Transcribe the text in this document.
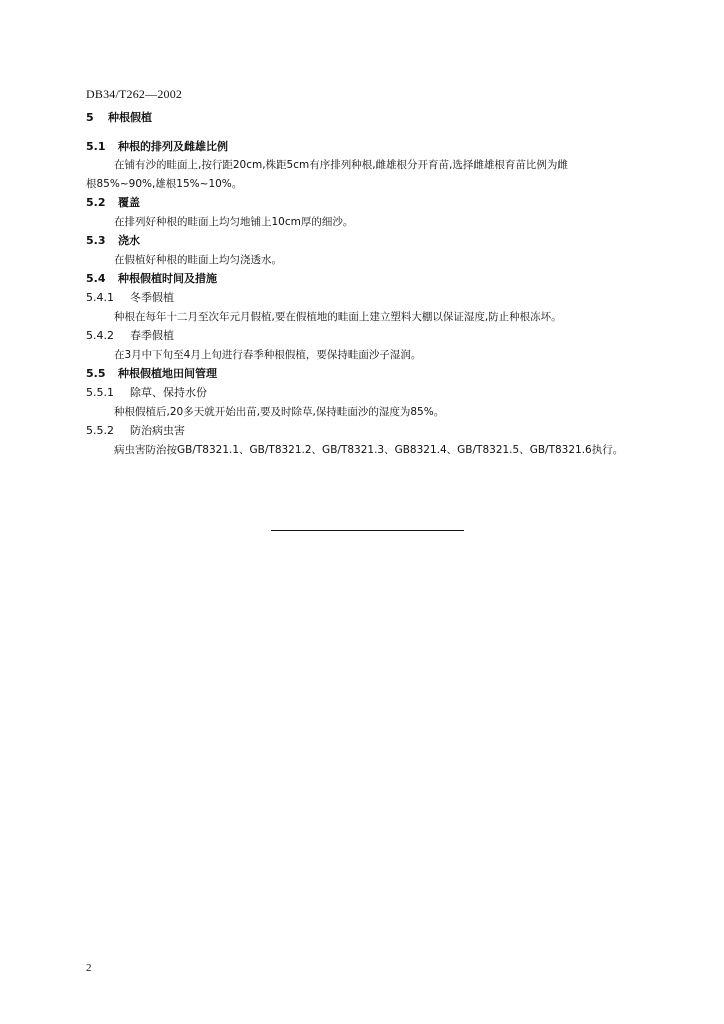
DB34/T262—2002
5 种根假植
5.1 种根的排列及雌雄比例
在铺有沙的畦面上,按行距20cm,株距5cm有序排列种根,雌雄根分开育苗,选择雌雄根育苗比例为雌
根85%~90%,雄根15%~10%。
5.2 覆盖
在排列好种根的畦面上均匀地铺上10cm厚的细沙。
5.3 浇水
在假植好种根的畦面上均匀浇透水。
5.4 种根假植时间及措施
5.4.1 冬季假植
种根在每年十二月至次年元月假植,要在假植地的畦面上建立塑料大棚以保证湿度,防止种根冻坏。
5.4.2 春季假植
在3月中下旬至4月上旬进行春季种根假植，要保持畦面沙子湿润。
5.5 种根假植地田间管理
5.5.1 除草、保持水份
种根假植后,20多天就开始出苗,要及时除草,保持畦面沙的湿度为85%。
5.5.2 防治病虫害
病虫害防治按GB/T8321.1、GB/T8321.2、GB/T8321.3、GB8321.4、GB/T8321.5、GB/T8321.6执行。
2
